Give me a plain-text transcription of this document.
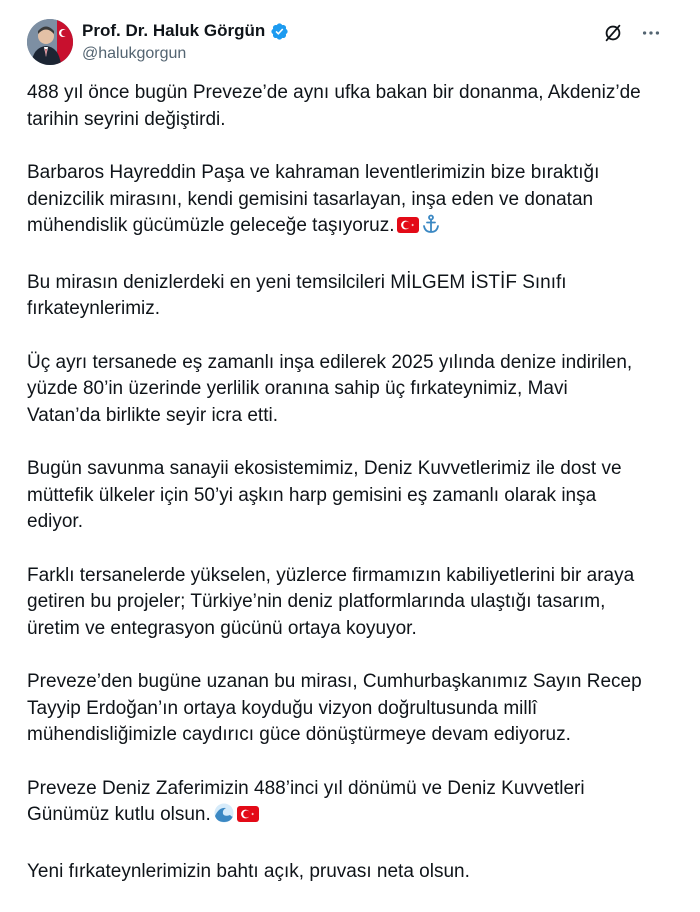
Prof. Dr. Haluk Görgün
@halukgorgun

488 yıl önce bugün Preveze’de aynı ufka bakan bir donanma, Akdeniz’de
tarihin seyrini değiştirdi.

Barbaros Hayreddin Paşa ve kahraman leventlerimizin bize bıraktığı
denizcilik mirasını, kendi gemisini tasarlayan, inşa eden ve donatan
mühendislik gücümüzle geleceğe taşıyoruz.

Bu mirasın denizlerdeki en yeni temsilcileri MİLGEM İSTİF Sınıfı
fırkateynlerimiz.

Üç ayrı tersanede eş zamanlı inşa edilerek 2025 yılında denize indirilen,
yüzde 80’in üzerinde yerlilik oranına sahip üç fırkateynimiz, Mavi
Vatan’da birlikte seyir icra etti.

Bugün savunma sanayii ekosistemimiz, Deniz Kuvvetlerimiz ile dost ve
müttefik ülkeler için 50’yi aşkın harp gemisini eş zamanlı olarak inşa
ediyor.

Farklı tersanelerde yükselen, yüzlerce firmamızın kabiliyetlerini bir araya
getiren bu projeler; Türkiye’nin deniz platformlarında ulaştığı tasarım,
üretim ve entegrasyon gücünü ortaya koyuyor.

Preveze’den bugüne uzanan bu mirası, Cumhurbaşkanımız Sayın Recep
Tayyip Erdoğan’ın ortaya koyduğu vizyon doğrultusunda millî
mühendisliğimizle caydırıcı güce dönüştürmeye devam ediyoruz.

Preveze Deniz Zaferimizin 488’inci yıl dönümü ve Deniz Kuvvetleri
Günümüz kutlu olsun.

Yeni fırkateynlerimizin bahtı açık, pruvası neta olsun.
